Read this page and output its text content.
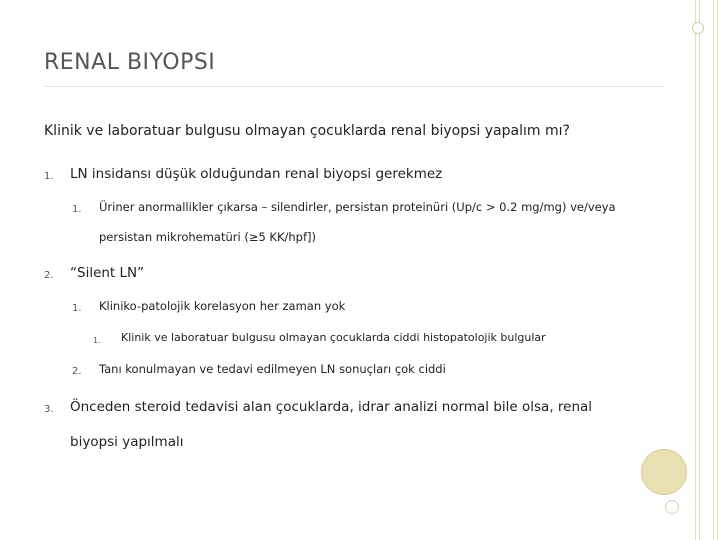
RENAL BIYOPSI
Klinik ve laboratuar bulgusu olmayan çocuklarda renal biyopsi yapalım mı?
1. LN insidansı düşük olduğundan renal biyopsi gerekmez
1. Üriner anormallikler çıkarsa – silendirler, persistan proteinüri (Up/c > 0.2 mg/mg) ve/veya
persistan mikrohematüri (≥5 KK/hpf])
2. “Silent LN”
1. Kliniko-patolojik korelasyon her zaman yok
1. Klinik ve laboratuar bulgusu olmayan çocuklarda ciddi histopatolojik bulgular
2. Tanı konulmayan ve tedavi edilmeyen LN sonuçları çok ciddi
3. Önceden steroid tedavisi alan çocuklarda, idrar analizi normal bile olsa, renal
biyopsi yapılmalı
